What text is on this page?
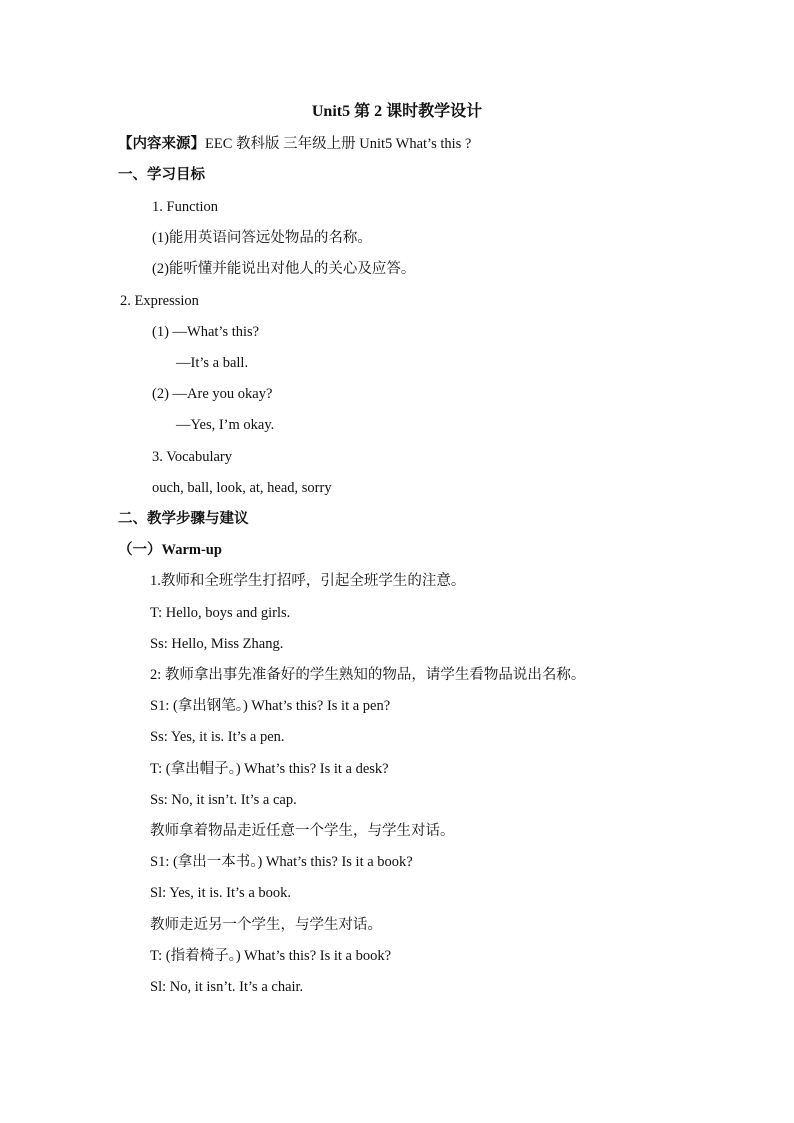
Unit5 第 2 课时教学设计
【内容来源】EEC 教科版 三年级上册 Unit5 What’s this ?
一、学习目标
1. Function
(1)能用英语问答远处物品的名称。
(2)能听懂并能说出对他人的关心及应答。
2. Expression
(1) —What’s this?
—It’s a ball.
(2) —Are you okay?
—Yes, I’m okay.
3. Vocabulary
ouch, ball, look, at, head, sorry
二、教学步骤与建议
（一）Warm-up
1.教师和全班学生打招呼，引起全班学生的注意。
T: Hello, boys and girls.
Ss: Hello, Miss Zhang.
2: 教师拿出事先准备好的学生熟知的物品，请学生看物品说出名称。
S1: (拿出钢笔。) What’s this? Is it a pen?
Ss: Yes, it is. It’s a pen.
T: (拿出帽子。) What’s this? Is it a desk?
Ss: No, it isn’t. It’s a cap.
教师拿着物品走近任意一个学生，与学生对话。
S1: (拿出一本书。) What’s this? Is it a book?
Sl: Yes, it is. It’s a book.
教师走近另一个学生，与学生对话。
T: (指着椅子。) What’s this? Is it a book?
Sl: No, it isn’t. It’s a chair.
